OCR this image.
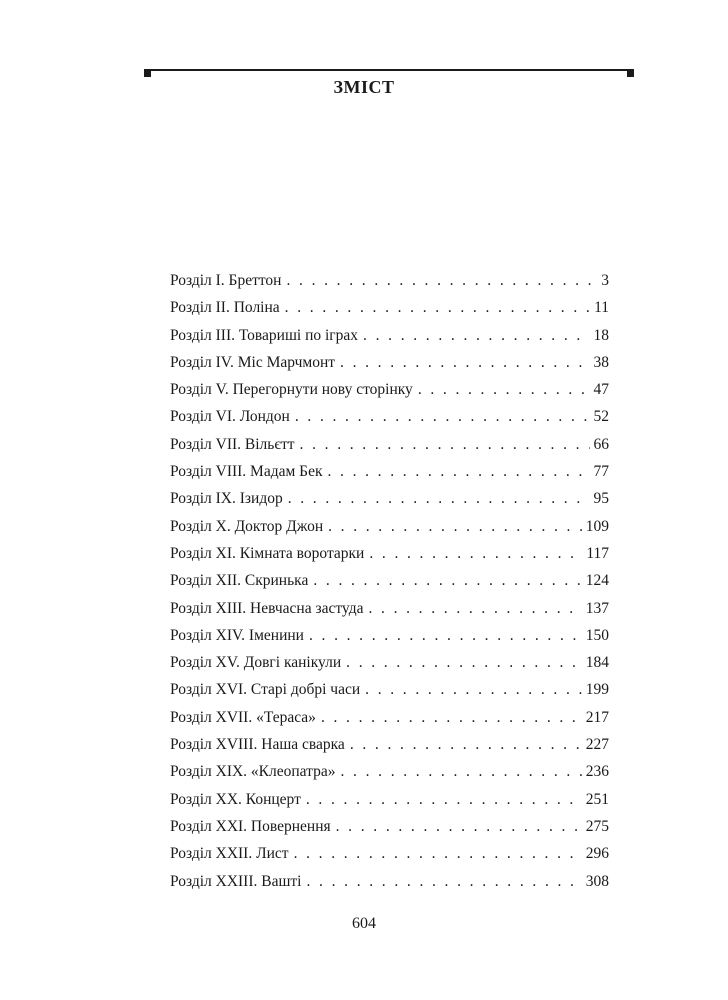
ЗМІСТ
Розділ I. Бреттон . . .	3
Розділ II. Поліна . . .	11
Розділ III. Товариші по іграх . . .	18
Розділ IV. Міс Марчмонт . . .	38
Розділ V. Перегорнути нову сторінку . . .	47
Розділ VI. Лондон . . .	52
Розділ VII. Вільєтт . . .	66
Розділ VIII. Мадам Бек . . .	77
Розділ IX. Ізидор . . .	95
Розділ X. Доктор Джон . . .	109
Розділ XI. Кімната воротарки . . .	117
Розділ XII. Скринька . . .	124
Розділ XIII. Невчасна застуда . . .	137
Розділ XIV. Іменини . . .	150
Розділ XV. Довгі канікули . . .	184
Розділ XVI. Старі добрі часи . . .	199
Розділ XVII. «Тераса» . . .	217
Розділ XVIII. Наша сварка . . .	227
Розділ XIX. «Клеопатра» . . .	236
Розділ XX. Концерт . . .	251
Розділ XXI. Повернення . . .	275
Розділ XXII. Лист . . .	296
Розділ XXIII. Вашті . . .	308
604
